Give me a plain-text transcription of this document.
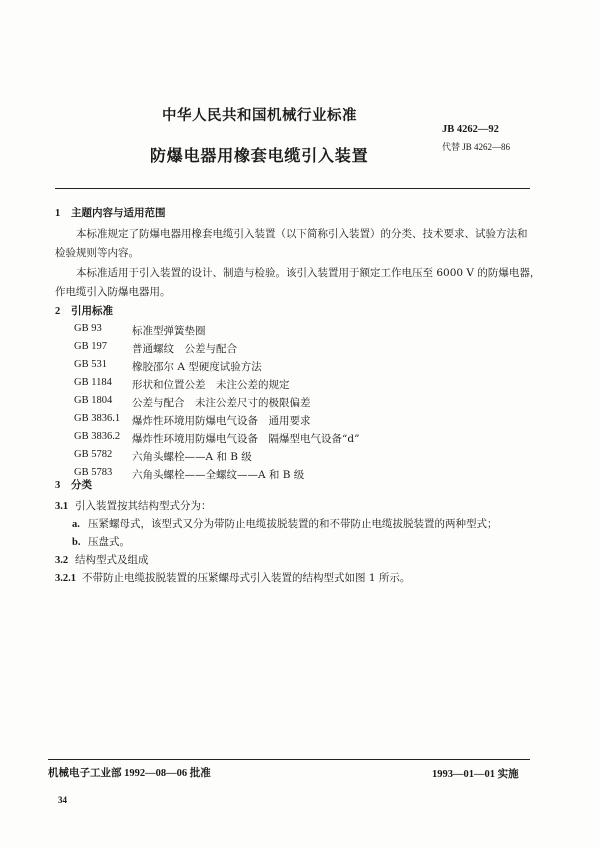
中华人民共和国机械行业标准
防爆电器用橡套电缆引入装置
JB 4262—92
代替 JB 4262—86
1 主题内容与适用范围
本标准规定了防爆电器用橡套电缆引入装置（以下简称引入装置）的分类、技术要求、试验方法和
检验规则等内容。
本标准适用于引入装置的设计、制造与检验。该引入装置用于额定工作电压至 6000 V 的防爆电器，
作电缆引入防爆电器用。
2 引用标准
GB 93	标准型弹簧垫圈
GB 197 普通螺纹　公差与配合
GB 531 橡胶邵尔 A 型硬度试验方法
GB 1184 形状和位置公差　未注公差的规定
GB 1804 公差与配合　未注公差尺寸的极限偏差
GB 3836.1 爆炸性环境用防爆电气设备　通用要求
GB 3836.2 爆炸性环境用防爆电气设备　隔爆型电气设备“d”
GB 5782 六角头螺栓——A 和 B 级
GB 5783 六角头螺栓——全螺纹——A 和 B 级
3 分类
3.1 引入装置按其结构型式分为：
a. 压紧螺母式，该型式又分为带防止电缆拔脱装置的和不带防止电缆拔脱装置的两种型式；
b. 压盘式。
3.2 结构型式及组成
3.2.1 不带防止电缆拔脱装置的压紧螺母式引入装置的结构型式如图 1 所示。
机械电子工业部 1992—08—06 批准	1993—01—01 实施
34
